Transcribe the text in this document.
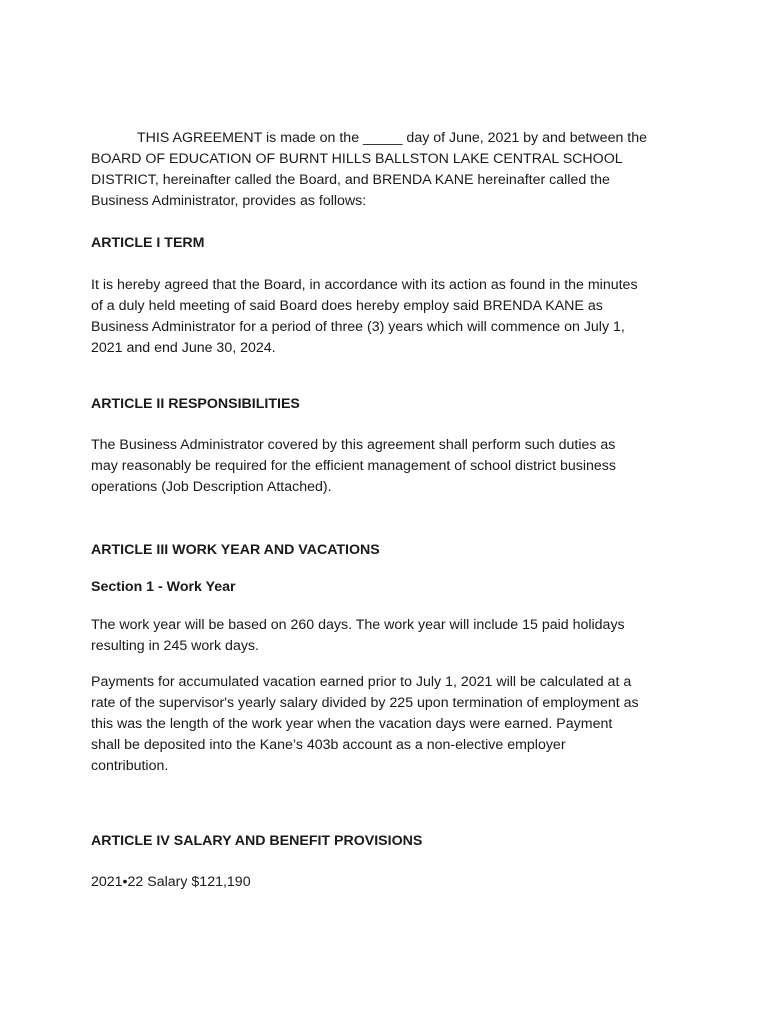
THIS AGREEMENT is made on the _____ day of June, 2021 by and between the
BOARD OF EDUCATION OF BURNT HILLS BALLSTON LAKE CENTRAL SCHOOL
DISTRICT, hereinafter called the Board, and BRENDA KANE hereinafter called the
Business Administrator, provides as follows:

ARTICLE I TERM

It is hereby agreed that the Board, in accordance with its action as found in the minutes
of a duly held meeting of said Board does hereby employ said BRENDA KANE as
Business Administrator for a period of three (3) years which will commence on July 1,
2021 and end June 30, 2024.

ARTICLE II RESPONSIBILITIES

The Business Administrator covered by this agreement shall perform such duties as
may reasonably be required for the efficient management of school district business
operations (Job Description Attached).

ARTICLE III WORK YEAR AND VACATIONS

Section 1 - Work Year

The work year will be based on 260 days. The work year will include 15 paid holidays
resulting in 245 work days.

Payments for accumulated vacation earned prior to July 1, 2021 will be calculated at a
rate of the supervisor's yearly salary divided by 225 upon termination of employment as
this was the length of the work year when the vacation days were earned. Payment
shall be deposited into the Kane’s 403b account as a non-elective employer
contribution.

ARTICLE IV SALARY AND BENEFIT PROVISIONS

2021•22 Salary $121,190
